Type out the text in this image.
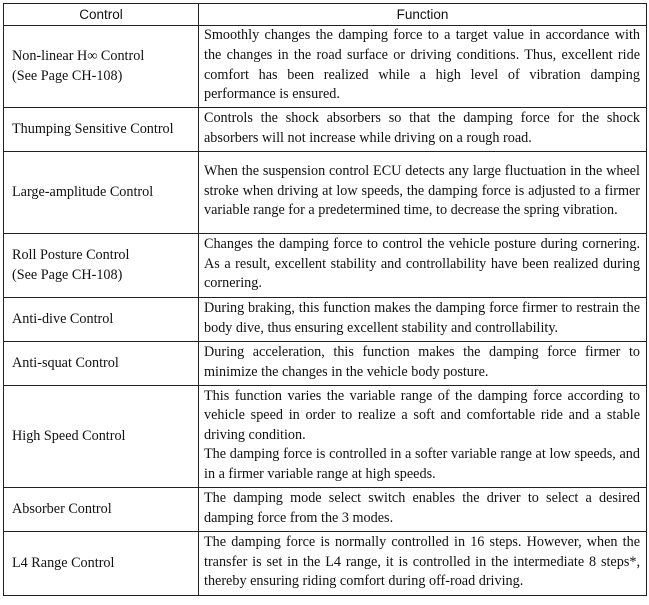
Control	Function

Non-linear H∞ Control
(See Page CH-108)	Smoothly changes the damping force to a target value in accordance with the changes in the road surface or driving conditions. Thus, excellent ride comfort has been realized while a high level of vibration damping performance is ensured.

Thumping Sensitive Control	Controls the shock absorbers so that the damping force for the shock absorbers will not increase while driving on a rough road.

Large-amplitude Control	When the suspension control ECU detects any large fluctuation in the wheel stroke when driving at low speeds, the damping force is adjusted to a firmer variable range for a predetermined time, to decrease the spring vibration.

Roll Posture Control
(See Page CH-108)	Changes the damping force to control the vehicle posture during cornering. As a result, excellent stability and controllability have been realized during cornering.

Anti-dive Control	During braking, this function makes the damping force firmer to restrain the body dive, thus ensuring excellent stability and controllability.

Anti-squat Control	During acceleration, this function makes the damping force firmer to minimize the changes in the vehicle body posture.

High Speed Control	This function varies the variable range of the damping force according to vehicle speed in order to realize a soft and comfortable ride and a stable driving condition.
The damping force is controlled in a softer variable range at low speeds, and in a firmer variable range at high speeds.

Absorber Control	The damping mode select switch enables the driver to select a desired damping force from the 3 modes.

L4 Range Control	The damping force is normally controlled in 16 steps. However, when the transfer is set in the L4 range, it is controlled in the intermediate 8 steps*, thereby ensuring riding comfort during off-road driving.
